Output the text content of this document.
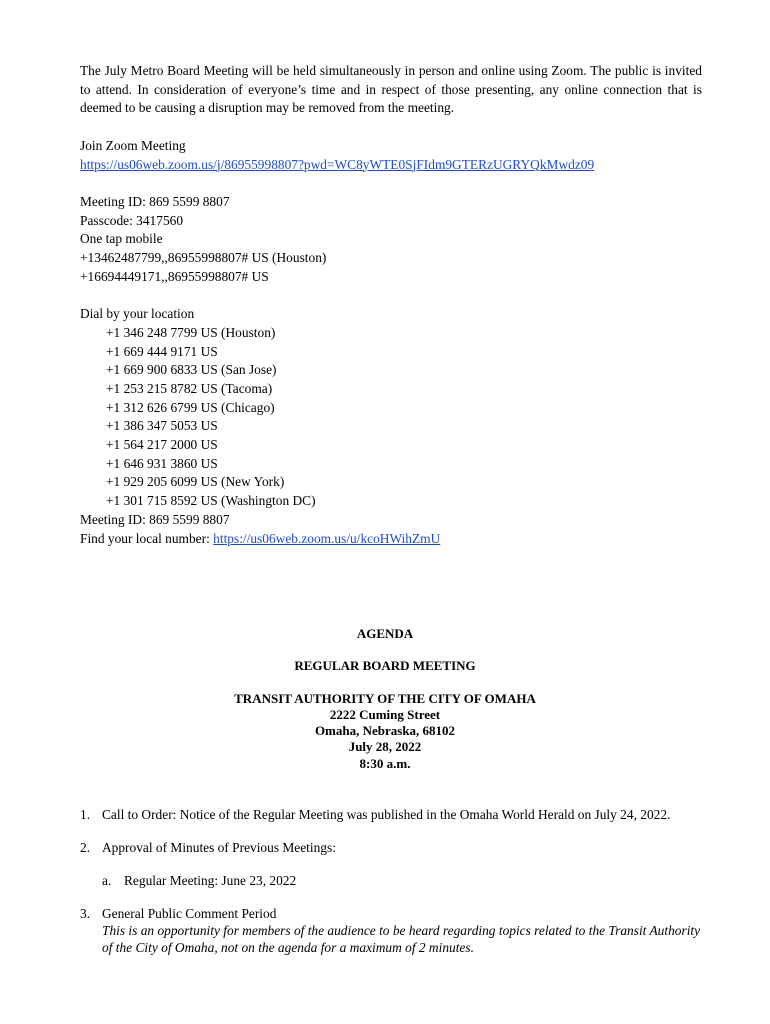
The July Metro Board Meeting will be held simultaneously in person and online using Zoom. The public is invited to attend. In consideration of everyone’s time and in respect of those presenting, any online connection that is deemed to be causing a disruption may be removed from the meeting.

Join Zoom Meeting
https://us06web.zoom.us/j/86955998807?pwd=WC8yWTE0SjFIdm9GTERzUGRYQkMwdz09
Meeting ID: 869 5599 8807
Passcode: 3417560
One tap mobile
+13462487799,,86955998807# US (Houston)
+16694449171,,86955998807# US
Dial by your location
+1 346 248 7799 US (Houston)
+1 669 444 9171 US
+1 669 900 6833 US (San Jose)
+1 253 215 8782 US (Tacoma)
+1 312 626 6799 US (Chicago)
+1 386 347 5053 US
+1 564 217 2000 US
+1 646 931 3860 US
+1 929 205 6099 US (New York)
+1 301 715 8592 US (Washington DC)
Meeting ID: 869 5599 8807
Find your local number: https://us06web.zoom.us/u/kcoHWihZmU
AGENDA

REGULAR BOARD MEETING

TRANSIT AUTHORITY OF THE CITY OF OMAHA
2222 Cuming Street
Omaha, Nebraska, 68102
July 28, 2022
8:30 a.m.
1. Call to Order: Notice of the Regular Meeting was published in the Omaha World Herald on July 24, 2022.
2. Approval of Minutes of Previous Meetings:
a. Regular Meeting: June 23, 2022
3. General Public Comment Period
This is an opportunity for members of the audience to be heard regarding topics related to the Transit Authority of the City of Omaha, not on the agenda for a maximum of 2 minutes.
